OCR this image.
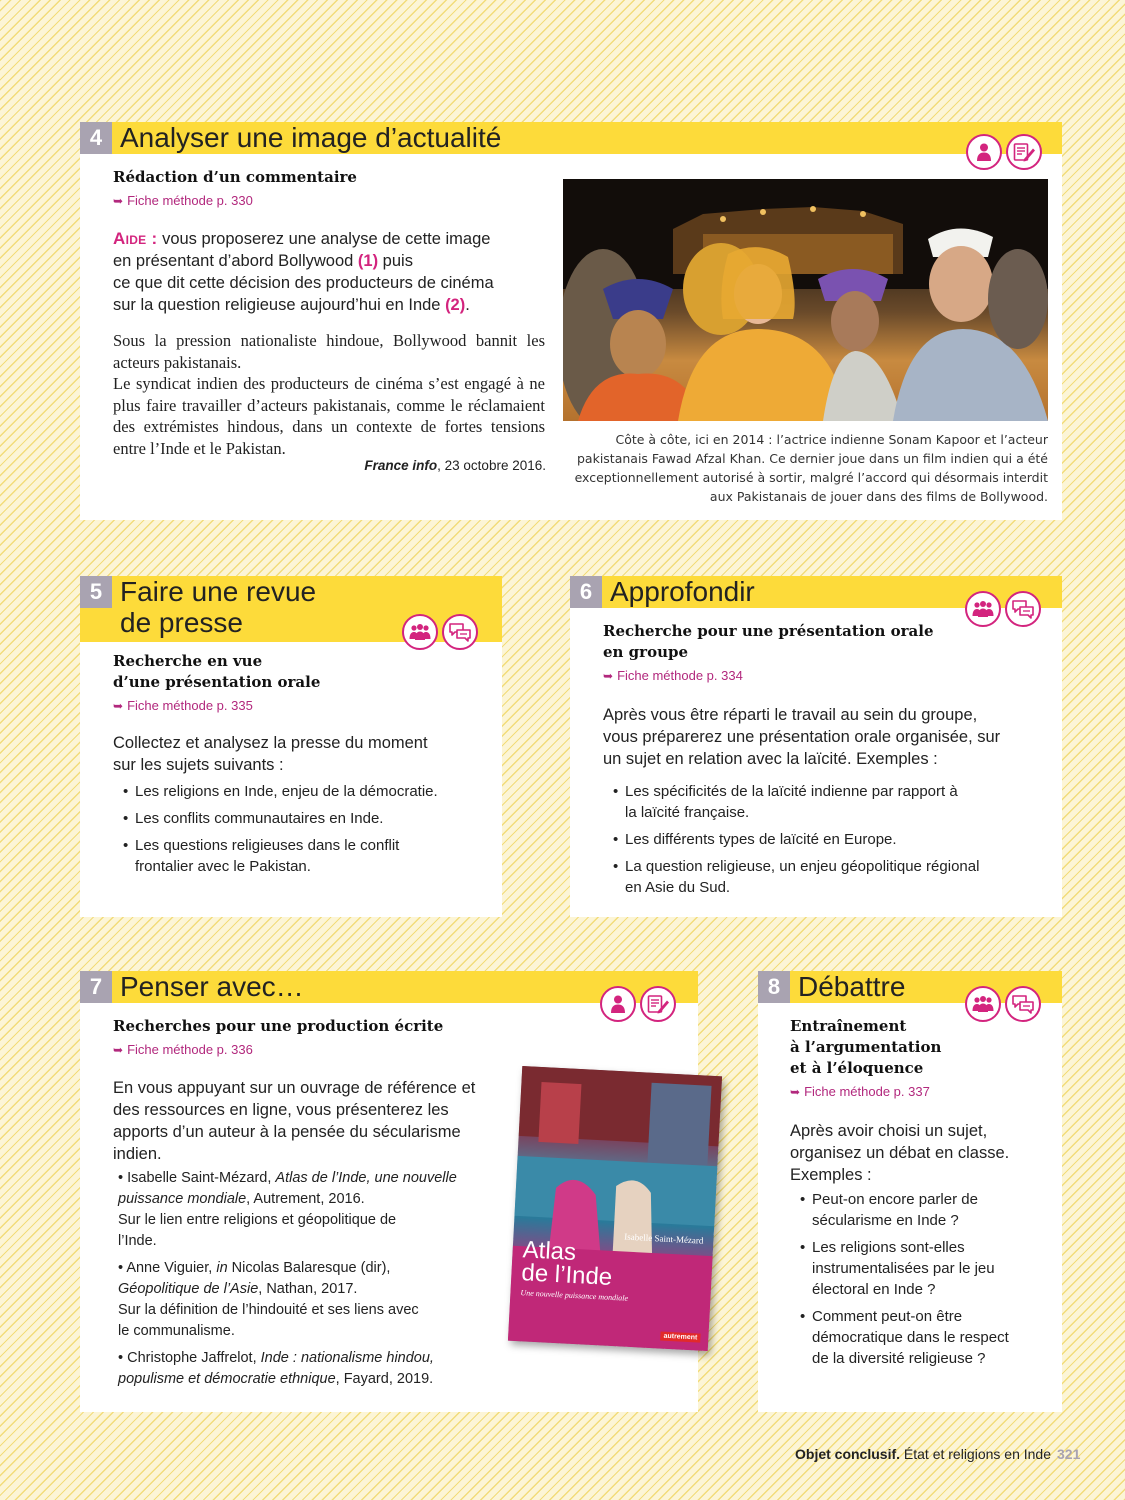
4 Analyser une image d’actualité
Rédaction d’un commentaire
➥ Fiche méthode p. 330
Aide : vous proposerez une analyse de cette image
en présentant d’abord Bollywood (1) puis
ce que dit cette décision des producteurs de cinéma
sur la question religieuse aujourd’hui en Inde (2).
Sous la pression nationaliste hindoue, Bollywood bannit les acteurs pakistanais.
Le syndicat indien des producteurs de cinéma s’est engagé à ne plus faire travailler d’acteurs pakistanais, comme le réclamaient des extrémistes hindous, dans un contexte de fortes tensions entre l’Inde et le Pakistan.
France info, 23 octobre 2016.
Côte à côte, ici en 2014 : l’actrice indienne Sonam Kapoor et l’acteur pakistanais Fawad Afzal Khan. Ce dernier joue dans un film indien qui a été exceptionnellement autorisé à sortir, malgré l’accord qui désormais interdit aux Pakistanais de jouer dans des films de Bollywood.
5 Faire une revue
de presse
Recherche en vue
d’une présentation orale
➥ Fiche méthode p. 335
Collectez et analysez la presse du moment sur les sujets suivants :
• Les religions en Inde, enjeu de la démocratie.
• Les conflits communautaires en Inde.
• Les questions religieuses dans le conflit frontalier avec le Pakistan.
6 Approfondir
Recherche pour une présentation orale
en groupe
➥ Fiche méthode p. 334
Après vous être réparti le travail au sein du groupe, vous préparerez une présentation orale organisée, sur un sujet en relation avec la laïcité. Exemples :
• Les spécificités de la laïcité indienne par rapport à la laïcité française.
• Les différents types de laïcité en Europe.
• La question religieuse, un enjeu géopolitique régional en Asie du Sud.
7 Penser avec…
Recherches pour une production écrite
➥ Fiche méthode p. 336
En vous appuyant sur un ouvrage de référence et des ressources en ligne, vous présenterez les apports d’un auteur à la pensée du sécularisme indien.
• Isabelle Saint-Mézard, Atlas de l’Inde, une nouvelle puissance mondiale, Autrement, 2016.
Sur le lien entre religions et géopolitique de l’Inde.
• Anne Viguier, in Nicolas Balaresque (dir),
Géopolitique de l’Asie, Nathan, 2017.
Sur la définition de l’hindouité et ses liens avec le communalisme.
• Christophe Jaffrelot, Inde : nationalisme hindou, populisme et démocratie ethnique, Fayard, 2019.
Isabelle Saint-Mézard
Atlas
de l’Inde
Une nouvelle puissance mondiale
autrement
8 Débattre
Entraînement
à l’argumentation
et à l’éloquence
➥ Fiche méthode p. 337
Après avoir choisi un sujet, organisez un débat en classe. Exemples :
• Peut-on encore parler de sécularisme en Inde ?
• Les religions sont-elles instrumentalisées par le jeu électoral en Inde ?
• Comment peut-on être démocratique dans le respect de la diversité religieuse ?
Objet conclusif. État et religions en Inde 321
